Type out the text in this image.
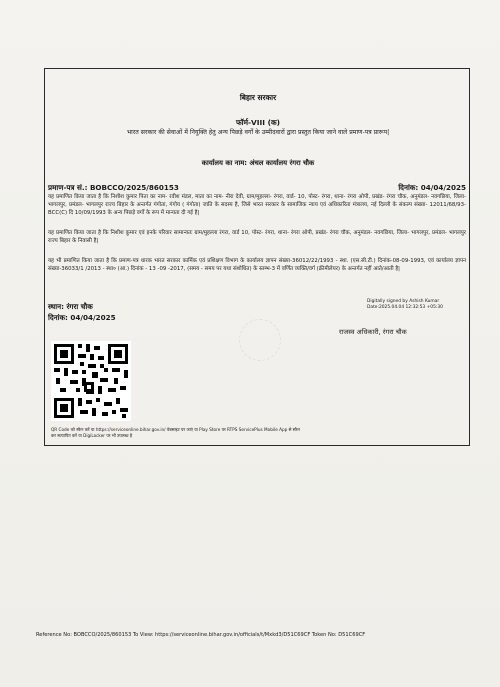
बिहार सरकार
फॉर्म-VIII (क)
भारत सरकार की सेवाओं में नियुक्ति हेतु अन्य पिछड़े वर्गों के उम्मीदवारों द्वारा प्रस्तुत किया जाने वाले प्रमाण-पत्र प्रारूप|
कार्यालय का नाम: अंचल कार्यालय रंगरा चौक
प्रमाण-पत्र सं.: BOBCCO/2025/860153	दिनांक: 04/04/2025
यह प्रमाणित किया जाता है कि निशीश कुमार पिता का नाम- रवीश मंडल, माता का नाम- नीरा देवी, ग्राम/मुहल्ला- रंगरा, वार्ड- 10, पोस्ट- रंगरा, थाना- रंगरा ओपी, प्रखंड- रंगरा चौक, अनुमंडल- नवगछिया, जिला- भागलपुर, प्रमंडल- भागलपुर राज्य बिहार के अन्तर्गत गंगोता, गंगोय ( गंगोता) जाति के सदस्य है, जिसे भारत सरकार के सामाजिक न्याय एवं अधिकारिता मंत्रालय, नई दिल्ली के संकल्प संख्या- 12011/68/93-BCC(C) दि 10/09/1993 के अन्य पिछड़े वर्गों के रूप में मान्यता दी गई है|
यह प्रमाणित किया जाता है कि निशीश कुमार एवं इनके परिवार सामान्यतः ग्राम/मुहल्ला रंगरा, वार्ड 10, पोस्ट- रंगरा, थाना- रंगरा ओपी, प्रखंड- रंगरा चौक, अनुमंडल- नवगछिया, जिला- भागलपुर, प्रमंडल- भागलपुर राज्य बिहार के निवासी है|
यह भी प्रमाणित किया जाता है कि प्रमाण-पत्र धारक भारत सरकार कार्मिक एवं प्रशिक्षण विभाग के कार्यालय ज्ञापन संख्या-36012/22/1993 - स्था. (एस.सी.टी.) दिनांक-08-09-1993, एवं कार्यालय ज्ञापन संख्या-36033/1 /2013 - स्था० (आ.) दिनांक - 13 -09 -2017, (समय - समय पर यथा संशोधित) के स्तम्भ-3 में वर्णित व्यक्ति/वर्ग (क्रीमीलेयर) के अन्तर्गत नहीं आते/आती है|
स्थान: रंगरा चौक
दिनांक: 04/04/2025
Digitally signed by Ashish Kumar
Date:2025.04.04 12:32:53 +05:30
राजस्व अधिकारी, रंगरा चौक
QR Code को स्कैन करें या https://serviceonline.bihar.gov.in/ वेबसाइट पर जाएं या Play Store पर RTPS ServicePlus Mobile App से स्कैन
कर सत्यापित करें या DigiLocker पर भी उपलब्ध है
Reference No: BOBCCO/2025/860153 To View: https://serviceonline.bihar.gov.in/officials/t/Mxkd3/D51C69CF Token No: D51C69CF
